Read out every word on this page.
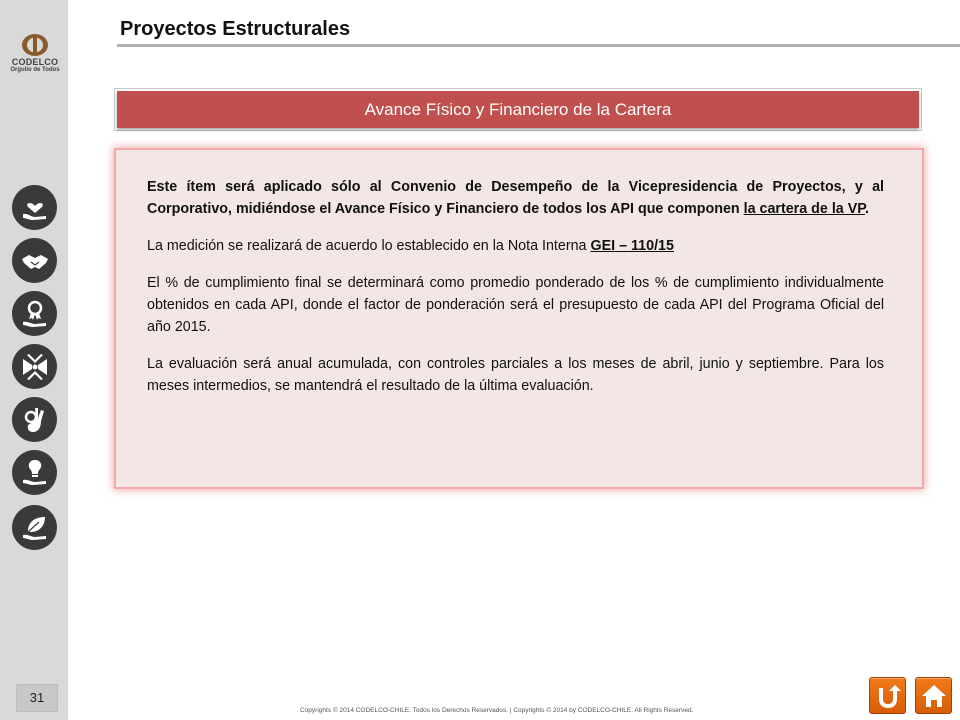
CODELCO
Orgullo de Todos
31
Proyectos Estructurales
Avance Físico y Financiero de la Cartera

Este ítem será aplicado sólo al Convenio de Desempeño de la Vicepresidencia de Proyectos, y al Corporativo, midiéndose el Avance Físico y Financiero de todos los API que componen la cartera de la VP.

La medición se realizará de acuerdo lo establecido en la Nota Interna GEI – 110/15

El % de cumplimiento final se determinará como promedio ponderado de los % de cumplimiento individualmente obtenidos en cada API, donde el factor de ponderación será el presupuesto de cada API del Programa Oficial del año 2015.

La evaluación será anual acumulada, con controles parciales a los meses de abril, junio y septiembre. Para los meses intermedios, se mantendrá el resultado de la última evaluación.

Copyrights © 2014 CODELCO-CHILE. Todos los Derechos Reservados. | Copyrights © 2014 by CODELCO-CHILE. All Rights Reserved.
